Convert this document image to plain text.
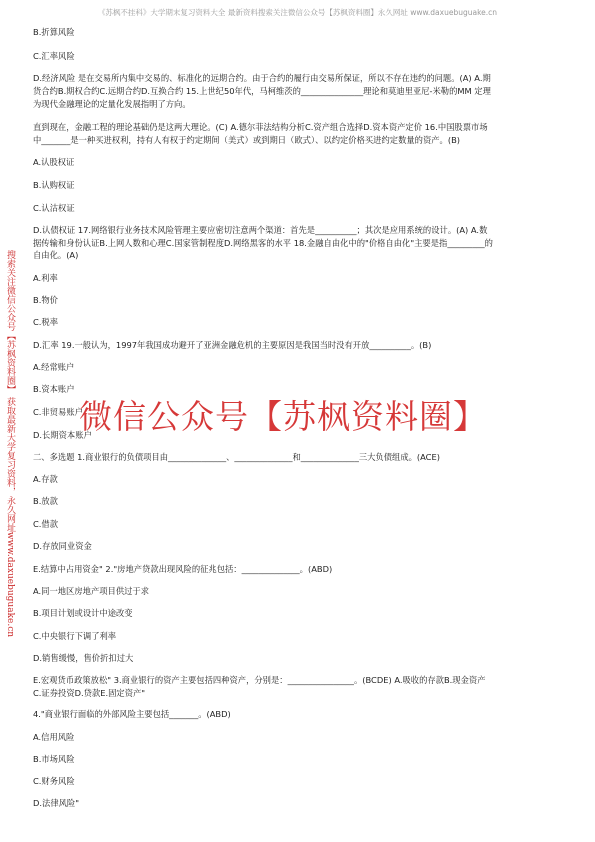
《苏枫不挂科》大学期末复习资料大全 最新资料搜索关注微信公众号【苏枫资料圈】永久网址 www.daxuebuguake.cn
搜索关注微信公众号【苏枫资料圈】 获取最新大学复习资料，永久网址www.daxuebuguake.cn
B.折算风险
C.汇率风险
D.经济风险 是在交易所内集中交易的、标准化的远期合约。由于合约的履行由交易所保证，所以不存在违约的问题。(A) A.期
货合约B.期权合约C.远期合约D.互换合约 15.上世纪50年代，马柯维茨的_______________理论和莫迪里亚尼-米勒的MM 定理
为现代金融理论的定量化发展指明了方向。
直到现在，金融工程的理论基础仍是这两大理论。(C) A.德尔菲法结构分析C.资产组合选择D.资本资产定价 16.中国股票市场
中_______是一种买进权利，持有人有权于约定期间（美式）或到期日（欧式）、以约定价格买进约定数量的资产。(B)
A.认股权证
B.认购权证
C.认沽权证
D.认债权证 17.网络银行业务技术风险管理主要应密切注意两个渠道：首先是__________；其次是应用系统的设计。(A) A.数
据传输和身份认证B.上网人数和心理C.国家管制程度D.网络黑客的水平 18.金融自由化中的"价格自由化"主要是指_________的
自由化。(A)
A.利率
B.物价
C.税率
D.汇率 19.一般认为，1997年我国成功避开了亚洲金融危机的主要原因是我国当时没有开放__________。(B)
A.经常账户
B.资本账户
C.非贸易账户
D.长期资本账户
二、多选题 1.商业银行的负债项目由______________、______________和______________三大负债组成。(ACE)
A.存款
B.放款
C.借款
D.存放同业资金
E.结算中占用资金" 2."房地产贷款出现风险的征兆包括：______________。(ABD)
A.同一地区房地产项目供过于求
B.项目计划或设计中途改变
C.中央银行下调了利率
D.销售缓慢，售价折扣过大
E.宏观货币政策放松" 3.商业银行的资产主要包括四种资产，分别是：________________。(BCDE) A.吸收的存款B.现金资产
C.证券投资D.贷款E.固定资产"
4."商业银行面临的外部风险主要包括_______。(ABD)
A.信用风险
B.市场风险
C.财务风险
D.法律风险"
微信公众号【苏枫资料圈】
